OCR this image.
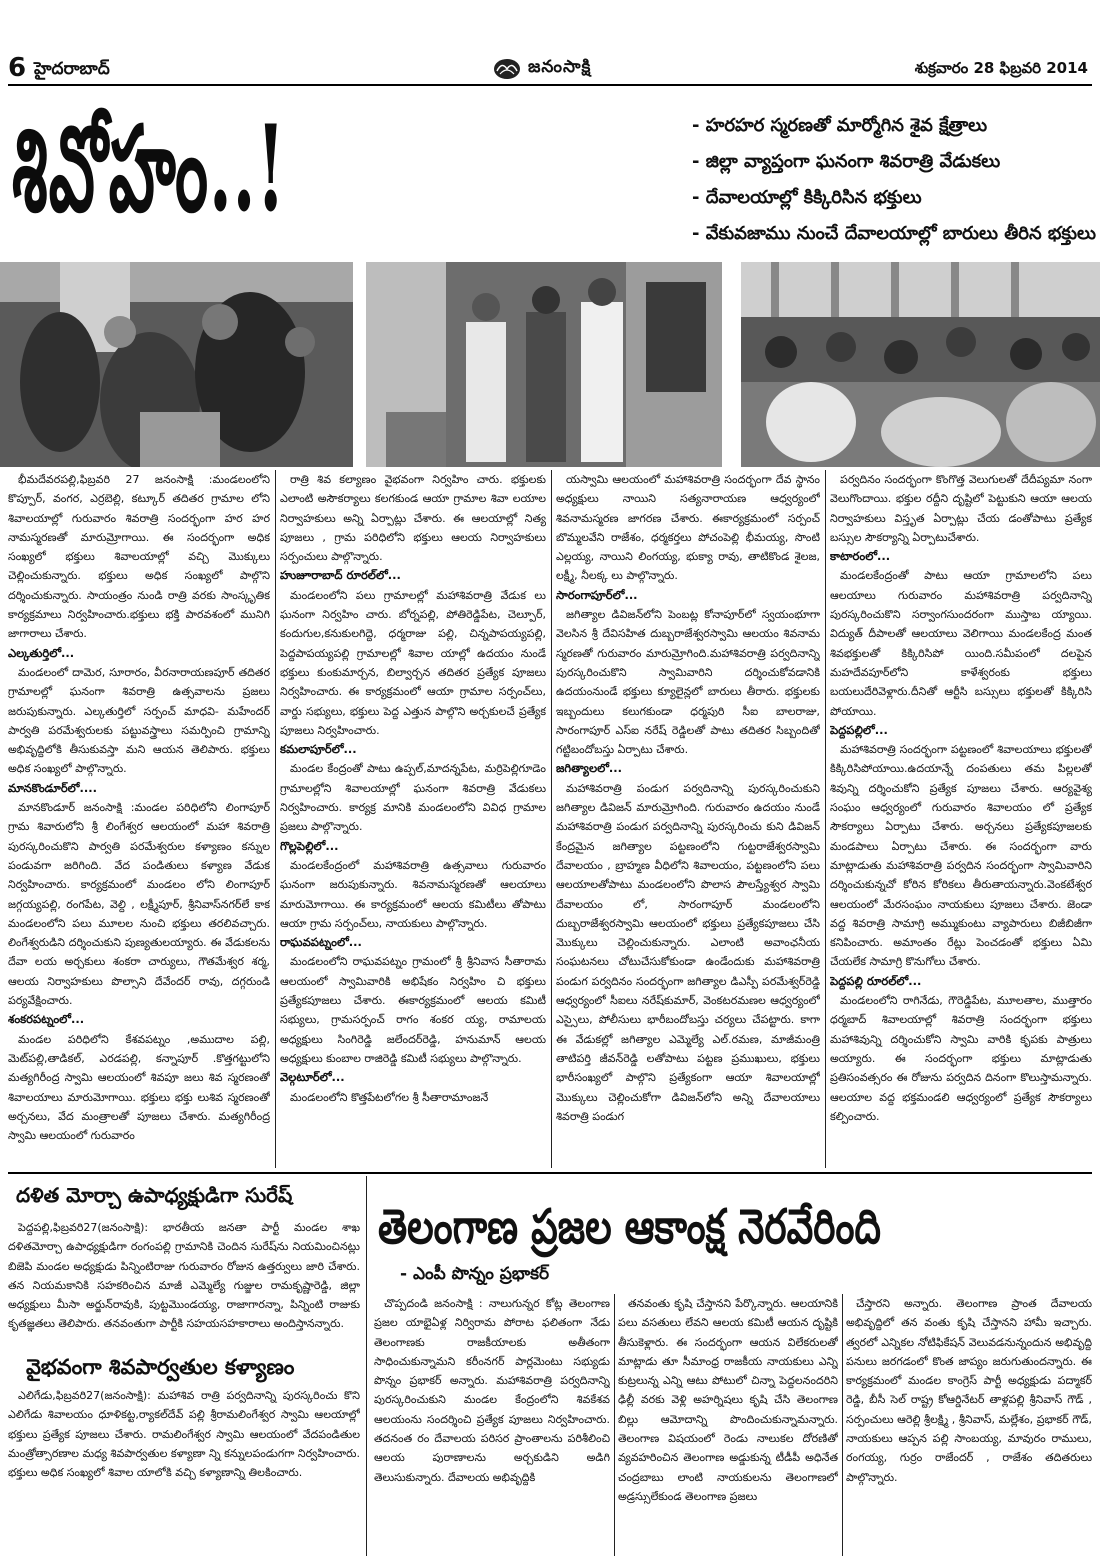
6 హైదరాబాద్	జనంసాక్షి	శుక్రవారం 28 ఫిబ్రవరి 2014
శివోహం..!	- హరహర స్మరణతో మార్మోగిన శైవ క్షేత్రాలు
- జిల్లా వ్యాప్తంగా ఘనంగా శివరాత్రి వేడుకలు
- దేవాలయాల్లో కిక్కిరిసిన భక్తులు
- వేకువజాము నుంచే దేవాలయాల్లో బారులు తీరిన భక్తులు

భీమదేవరపల్లి,ఫిబ్రవరి 27 జనంసాక్షి :మండలంలోని కొప్పూర్, వంగర, ఎర్రబెల్లి, కట్కూర్ తదితర గ్రామాల లోని శివాలయాల్లో గురువారం శివరాత్రి సందర్భంగా హర హర నామస్మరణతో మారుమ్రోగాయి. ఈ సందర్భంగా అధిక సంఖ్యలో భక్తులు శివాలయాల్లో వచ్చి మొక్కులు చెల్లించుకున్నారు. భక్తులు అధిక సంఖ్యలో పాల్గొని దర్శించుకున్నారు. సాయంత్రం నుండి రాత్రి వరకు సాంస్కృతిక కార్యక్రమాలు నిర్వహించారు.భక్తులు భక్తి పారవశంలో మునిగి జాగారాలు చేశారు.

ఎల్కతుర్తిలో...

మండలంలో దామెర, సూరారం, వీరనారాయణపూర్ తదితర గ్రామాలల్లో ఘనంగా శివరాత్రి ఉత్సవాలను ప్రజలు జరుపుకున్నారు. ఎల్కతుర్తిలో సర్పంచ్ మాధవి- మహేందర్ పార్వతి పరమేశ్వరులకు పట్టువస్త్రాలు సమర్పించి గ్రామాన్ని అభివృద్దిలోకి తీసుకువస్తా మని ఆయన తెలిపారు. భక్తులు అధిక సంఖ్యలో పాల్గొన్నారు.

మానకొండూర్‌లో....

మానకొండూర్ జనంసాక్షి :మండల పరిధిలోని లింగాపూర్ గ్రామ శివారులోని శ్రీ లింగేశ్వర ఆలయంలో మహా శివరాత్రి పురస్కరించుకొని పార్వతి పరమేశ్వరుల కళ్యాణం కన్నుల పండువగా జరిగింది. వేద పండితులు కళ్యాణ వేడుక నిర్వహించారు. కార్యక్రమంలో మండలం లోని లింగాపూర్ జగ్గయ్యపల్లి, రంగపేట, వెల్ది , లక్ష్మీపూర్, శ్రీనివాస్‌నగర్‌లే కాక మండలంలోని పలు మూలల నుంచి భక్తులు తరలివచ్చారు. లింగేశ్వరుడిని దర్శించుకుని పుణ్యతులయ్యారు. ఈ వేడుకలను దేవా లయ అర్చకులు శంకరా చార్యులు, గౌతమేశ్వర శర్మ, ఆలయ నిర్వాహకులు పొల్సాని దేవేందర్ రావు, దగ్గరుండి పర్యవేక్షించారు.

శంకరపట్నంలో...

మండల పరిధిలోని కేశవపట్నం ,అముదాల పల్లి, మెట్‌పల్లి,తాడికల్, ఎరడపల్లి, కన్నాపూర్ .కొత్తగట్టులోని మత్యగిరీంద్ర స్వామి ఆలయంలో శివపూ జలు శివ స్మరణంతో శివాలయాలు మారుమోగాయి. భక్తులు భక్తు లుశివ స్మరణంతో అర్చనలు, వేద మంత్రాలతో పూజలు చేశారు. మత్యగిరీంద్ర స్వామి ఆలయంలో గురువారం

రాత్రి శివ కల్యాణం వైభవంగా నిర్వహిం చారు. భక్తులకు ఎలాంటి అసౌకర్యాలు కలగకుండ ఆయా గ్రామాల శివా లయాల నిర్వాహకులు అన్ని ఏర్పాట్లు చేశారు. ఈ ఆలయాల్లో నిత్య పూజలు , గ్రామ పరిధిలోని భక్తులు ఆలయ నిర్వాహకులు సర్పంచులు పాల్గొన్నారు.

హుజూరాబాద్ రూరల్‌లో...

మండలంలోని పలు గ్రామాలల్లో మహాశివరాత్రి వేడుక లు ఘనంగా నిర్వహిం చారు. బోర్నపల్లి, పోతిరెడ్డిపేట, చెల్పూర్, కందుగుల,కనుకులగిద్దె, ధర్మరాజు పల్లి, చిన్నపాపయ్యపల్లి, పెద్దపాపయ్యపల్లి గ్రామాలల్లో శివాల యాల్లో ఉదయం నుండే భక్తులు కుంకుమార్చన, బిల్వార్చన తదితర ప్రత్యేక పూజలు నిర్వహించారు. ఈ కార్యక్రమంలో ఆయా గ్రామాల సర్పంచ్‌లు, వార్డు సభ్యులు, భక్తులు పెద్ద ఎత్తున పాల్గొని అర్చకులచే ప్రత్యేక పూజలు నిర్వహించారు.

కమలాపూర్‌లో...

మండల కేంద్రంతో పాటు ఉప్పల్,మాదన్నపేట, మర్రిపెల్లిగూడెం గ్రామాలల్లోని శివాలయాల్లో ఘనంగా శివరాత్రి వేడుకలు నిర్వహించారు. కార్యక్ర మానికి మండలంలోని వివిధ గ్రామాల ప్రజలు పాల్గొన్నారు.

గొల్లపెల్లిలో...

మండలకేంద్రంలో మహాశివరాత్రి ఉత్సవాలు గురువారం ఘనంగా జరుపుకున్నారు. శివనామస్మరణతో ఆలయాలు మారుమోగాయి. ఈ కార్యక్రమంలో ఆలయ కమిటీలు తోపాటు ఆయా గ్రామ సర్పంచ్‌లు, నాయకులు పాల్గొన్నారు.

రాఘవపట్నంలో...

మండలంలోని రాఘవపట్నం గ్రామంలో శ్రీ శ్రీనివాస సీతారామ ఆలయంలో స్వామివారికి అభిషేకం నిర్వహిం చి భక్తులు ప్రత్యేకపూజలు చేశారు. ఈకార్యక్రమంలో ఆలయ కమిటీ సభ్యులు, గ్రామసర్పంచ్ రాగం శంకర య్య, రామాలయ అధ్యక్షులు సింగిరెడ్డి జలేందర్‌రెడ్డి, హనుమాన్ ఆలయ అధ్యక్షులు కుంబాల రాజిరెడ్డి కమిటీ సభ్యులు పాల్గొన్నారు.

వెల్గటూర్‌లో...

మండలంలోని కొత్తపేటలోగల శ్రీ సీతారామాంజనే

యస్వామి ఆలయంలో మహాశివరాత్రి సందర్భంగా దేవ స్థానం అధ్యక్షులు నాయిని సత్యనారాయణ ఆధ్వర్యంలో శివనామస్మరణ జాగరణ చేశారు. ఈకార్యక్రమంలో సర్పంచ్ బొమ్మలవేని రాజేశం, ధర్మకర్తలు పోచంపెల్లి భీమయ్య, సొంటి ఎల్లయ్య, నాయిని లింగయ్య, భుక్యా రావు, తాటికొండ శైలజ, లక్ష్మీ, నీలక్క లు పాల్గొన్నారు.

సారంగాపూర్‌లో...

జగిత్యాల డివిజన్‌లోని పెంబట్ల కోనాపూర్‌లో స్వయంభూగా వెలసిన శ్రీ దేవిసహిత దుబ్బరాజేశ్వరస్వామి ఆలయం శివనామ స్మరణతో గురువారం మారుమ్రోగింది.మహాశివరాత్రి పర్వదినాన్ని పురస్కరించుకొని స్వామివారిని దర్శించుకోవడానికి ఉదయంనుండే భక్తులు క్యూలైన్లలో బారులు తీరారు. భక్తులకు ఇబ్బందులు కలుగకుండా ధర్మపురి సీఐ బాలరాజు, సారంగాపూర్ ఎస్ఐ నరేష్ రెడ్డిలతో పాటు తదితర సిబ్బందితో గట్టిబందోబస్తు ఏర్పాటు చేశారు.

జగిత్యాలలో...

మహాశివరాత్రి పండుగ పర్వదినాన్ని పురస్కరించుకుని జగిత్యాల డివిజన్ మారుమ్రోగింది. గురువారం ఉదయం నుండే మహాశివరాత్రి పండుగ పర్వదినాన్ని పురస్కరించు కుని డివిజన్ కేంద్రమైన జగిత్యాల పట్టణంలోని గుట్టరాజేశ్వరస్వామి దేవాలయం , బ్రాహ్మణ వీధిలోని శివాలయం, పట్టణంలోని పలు ఆలయాలతోపాటు మండలంలోని పొలాస పౌలస్త్యేశ్వర స్వామి దేవాలయం లో, సారంగాపూర్ మండలంలోని దుబ్బరాజేశ్వరస్వామి ఆలయంలో భక్తులు ప్రత్యేకపూజలు చేసి మొక్కులు చెల్లించుకున్నారు. ఎలాంటి అవాంఛనీయ సంఘటనలు చోటుచేసుకోకుండా ఉండేందుకు మహాశివరాత్రి పండుగ పర్వదినం సందర్భంగా జగిత్యాల డిఎస్పీ పరమేశ్వర్‌రెడ్డి ఆధ్వర్యంలో సీఐలు నరేష్‌కుమార్, వెంకటరమణల ఆధ్వర్యంలో ఎస్సైలు, పోలీసులు భారీబందోబస్తు చర్యలు చేపట్టారు. కాగా ఈ వేడుకల్లో జగిత్యాల ఎమ్మెల్యే ఎల్.రమణ, మాజీమంత్రి తాటిపర్తి జీవన్‌రెడ్డి లతోపాటు పట్టణ ప్రముఖులు, భక్తులు భారీసంఖ్యలో పాల్గొని ప్రత్యేకంగా ఆయా శివాలయాల్లో మొక్కులు చెల్లించుకోగా డివిజన్‌లోని అన్ని దేవాలయాలు శివరాత్రి పండుగ

పర్వదినం సందర్భంగా కొంగొత్త వెలుగులతో దేదీప్యమా నంగా వెలుగొందాయి. భక్తుల రద్దీని దృష్టిలో పెట్టుకుని ఆయా ఆలయ నిర్వాహకులు విస్తృత ఏర్పాట్లు చేయ డంతోపాటు ప్రత్యేక బస్సుల సౌకర్యాన్ని ఏర్పాటుచేశారు.

కాటారంలో...

మండలకేంద్రంతో పాటు ఆయా గ్రామాలలోని పలు ఆలయాలు గురువారం మహాశివరాత్రి పర్వదినాన్ని పురస్కరించుకొని సర్వాంగసుందరంగా ముస్తాబ య్యాయి. విద్యుత్ దీపాలతో ఆలయాలు వెలిగాయి మండలకేంద్ర మంత శివభక్తులతో కిక్కిరిసిపో యింది.సమీపంలో దలపైన మహదేవపూర్‌లోని కాళేశ్వరంకు భక్తులు బయలుదేరివెళ్లారు.దీనితో ఆర్టీసి బస్సులు భక్తులతో కిక్కిరిసి పోయాయి.

పెద్దపల్లిలో...

మహాశివరాత్రి సందర్భంగా పట్టణంలో శివాలయాలు భక్తులతో కిక్కిరిసిపోయాయి.ఉదయాన్నే దంపతులు తమ పిల్లలతో శివున్ని దర్శించుకోని ప్రత్యేక పూజలు చేశారు. ఆర్యవైశ్య సంఘం ఆధ్వర్యంలో గురువారం శివాలయం లో ప్రత్యేక సౌకర్యాలు ఏర్పాటు చేశారు. అర్చనలు ప్రత్యేకపూజలకు మండపాలు ఏర్పాటు చేశారు. ఈ సందర్భంగా వారు మాట్లాడుతు మహాశివరాత్రి పర్వదిన సందర్భంగా స్వామివారిని దర్శించుకున్నచో కోరిన కోరికలు తీరుతాయన్నారు.వెంకటేశ్వర ఆలయంలో మేరసంఘం నాయకులు పూజలు చేశారు. జెండా వద్ద శివరాత్రి సామాగ్రి అమ్ముకుంటు వ్యాపారులు బిజీబిజీగా కనిపించారు. అమాంతం రేట్లు పెంచడంతో భక్తులు ఏమి చేయలేక సామాగ్రి కొనుగోలు చేశారు.

పెద్దపల్లి రూరల్‌లో...

మండలంలోని రాగినేడు, గౌరెడ్డిపేట, మూలతాల, ముత్తారం ధర్మబాద్ శివాలయాల్లో శివరాత్రి సందర్భంగా భక్తులు మహాశివున్ని దర్శించుకోని స్వామి వారికి కృపకు పాత్రులు అయ్యారు. ఈ సందర్భంగా భక్తులు మాట్లాడుతు ప్రతిసంవత్సరం ఈ రోజును పర్వదిన దినంగా కొలుస్తామన్నారు. ఆలయాల వద్ద భక్తమండలి ఆధ్వర్యంలో ప్రత్యేక సౌకర్యాలు కల్పించారు.

దళిత మోర్చా ఉపాధ్యక్షుడిగా సురేష్

పెద్దపల్లి,ఫిబ్రవరి27(జనంసాక్షి): భారతీయ జనతా పార్టీ మండల శాఖ దళితమోర్చా ఉపాధ్యక్షుడిగా రంగంపల్లి గ్రామానికి చెందిన సురేష్‌ను నియమించినట్లు బిజెపి మండల అధ్యక్షుడు పిన్నింటిరాజు గురువారం రోజున ఉత్తర్వులు జారి చేశారు. తన నియమకానికి సహకరించిన మాజీ ఎమ్మెల్యే గుజ్జుల రామకృష్ణారెడ్డి, జిల్లా అధ్యక్షులు మీసా అర్జున్‌రావుకి, పుట్టమొండయ్య, రాజాగారన్నా, పిన్నింటి రాజుకు కృతజ్ఞతలు తెలిపారు. తనవంతుగా పార్టీకి సహయసహకారాలు అందిస్తానన్నారు.

వైభవంగా శివపార్వతుల కళ్యాణం

ఎలిగేడు,ఫిబ్రవరి27(జనంసాక్షి): మహాశివ రాత్రి పర్వదినాన్ని పురస్కరించు కొని ఎలిగేడు శివాలయం ధూళికట్ట,ర్యాకల్‌దేవ్ పల్లి శ్రీరామలింగేశ్వర స్వామి ఆలయాల్లో భక్తులు ప్రత్యేక పూజలు చేశారు. రామలింగేశ్వర స్వామి ఆలయంలో వేదపండితుల మంత్రోత్సారణాల మధ్య శివపార్వతుల కళ్యాణా న్ని కన్నులపండుగగా నిర్వహించారు. భక్తులు అధిక సంఖ్యలో శివాల యాలోకి వచ్చి కళ్యాణాన్ని తిలకించారు.

తెలంగాణ ప్రజల ఆకాంక్ష నెరవేరింది
- ఎంపీ పొన్నం ప్రభాకర్

చొప్పదండి జనంసాక్షి : నాలుగున్నర కోట్ల తెలంగాణ ప్రజల యాభైఏళ్ల నిర్విరామ పోరాట ఫలితంగా నేడు తెలంగాణకు రాజకీయాలకు అతీతంగా సాధించుకున్నామని కరీంనగర్ పార్లమెంటు సభ్యుడు పొన్నం ప్రభాకర్ అన్నారు. మహాశివరాత్రి పర్వదినాన్ని పురస్కరించుకుని మండల కేంద్రంలోని శివకేశవ ఆలయంను సందర్శించి ప్రత్యేక పూజలు నిర్వహించారు. తదనంత రం దేవాలయ పరిసర ప్రాంతాలను పరిశీలించి ఆలయ పురాణాలను అర్చకుడిని అడిగి తెలుసుకున్నారు. దేవాలయ అభివృద్దికి

తనవంతు కృషి చేస్తానని పేర్కొన్నారు. ఆలయానికి పలు వసతులు లేవని ఆలయ కమిటీ ఆయన దృష్టికి తీసుకెళ్లారు. ఈ సందర్భంగా ఆయన విలేకరులతో మాట్లాడు తూ సీమాంధ్ర రాజకీయ నాయకులు ఎన్ని కుట్రలున్న ఎన్ని ఆటు పోటులో చిన్నా పెద్దలనందరిని ఢిల్లీ వరకు వెళ్లి అహర్నిషలు కృషి చేసి తెలంగాణ బిల్లు ఆమోదాన్ని పొందించుకున్నామన్నారు. తెలంగాణ విషయంలో రెండు నాలుకల దోరణితో వ్యవహరించిన తెలంగాణ అడ్డుకున్న టీడీపీ అధినేత చంద్రబాబు లాంటి నాయకులను తెలంగాణలో అడ్రస్సులేకుండ తెలంగాణ ప్రజలు

చేస్తారని అన్నారు. తెలంగాణ ప్రాంత దేవాలయ అభివృద్దిలో తన వంతు కృషి చేస్తానని హామీ ఇచ్చారు. త్వరలో ఎన్నికల నోటిఫికేషన్ వెలువడనున్నందున అభివృద్ది పనులు జరగడంలో కొంత జాప్యం జరుగుతుందన్నారు. ఈ కార్యక్రమంలో మండల కాంగ్రెస్ పార్టీ అధ్యక్షుడు పద్మాకర్ రెడ్డి, బీసీ సెల్ రాష్ట్ర కోఆర్డినేటర్ తాళ్లపల్లి శ్రీనివాస్ గౌడ్ , సర్పంచులు ఆరెల్లి శ్రీలక్ష్మి , శ్రీనివాస్, మల్లేశం, ప్రభాకర్ గౌడ్, నాయకులు ఆప్పన పల్లి సాంబయ్య, మావురం రాములు, రంగయ్య, గుర్రం రాజేందర్ , రాజేశం తదితరులు పాల్గొన్నారు.
